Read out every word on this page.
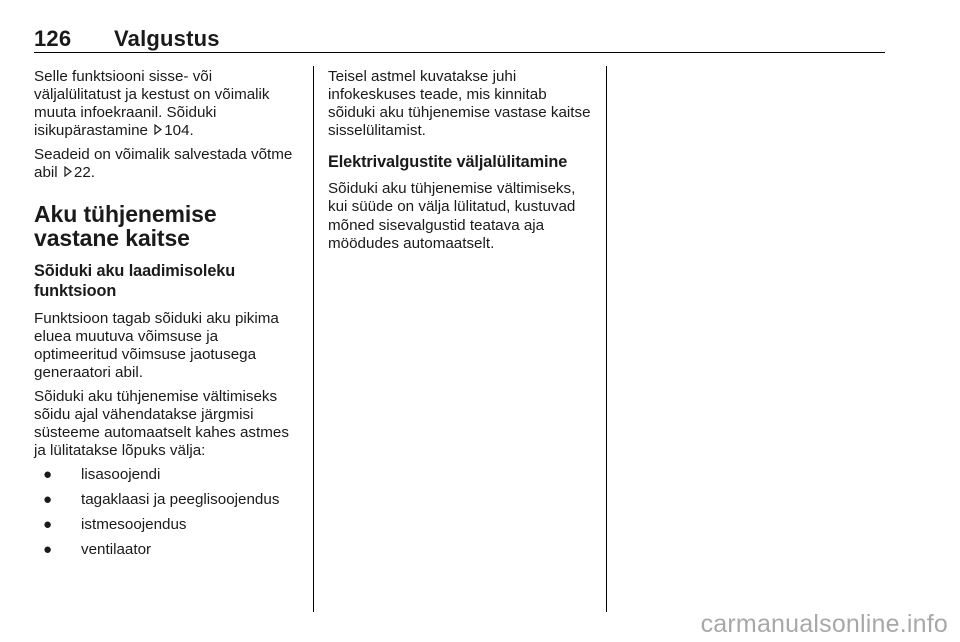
126 Valgustus

Selle funktsiooni sisse- või väljalülitatust ja kestust on võimalik muuta infoekraanil. Sõiduki isikupärastamine 104.

Seadeid on võimalik salvestada võtme abil 22.

Aku tühjenemise vastane kaitse
Sõiduki aku laadimisoleku funktsioon

Funktsioon tagab sõiduki aku pikima eluea muutuva võimsuse ja optimeeritud võimsuse jaotusega generaatori abil.

Sõiduki aku tühjenemise vältimiseks sõidu ajal vähendatakse järgmisi süsteeme automaatselt kahes astmes ja lülitatakse lõpuks välja:

● lisasoojendi
● tagaklaasi ja peeglisoojendus
● istmesoojendus
● ventilaator

Teisel astmel kuvatakse juhi infokeskuses teade, mis kinnitab sõiduki aku tühjenemise vastase kaitse sisselülitamist.

Elektrivalgustite väljalülitamine

Sõiduki aku tühjenemise vältimiseks, kui süüde on välja lülitatud, kustuvad mõned sisevalgustid teatava aja möödudes automaatselt.

carmanualsonline.info
